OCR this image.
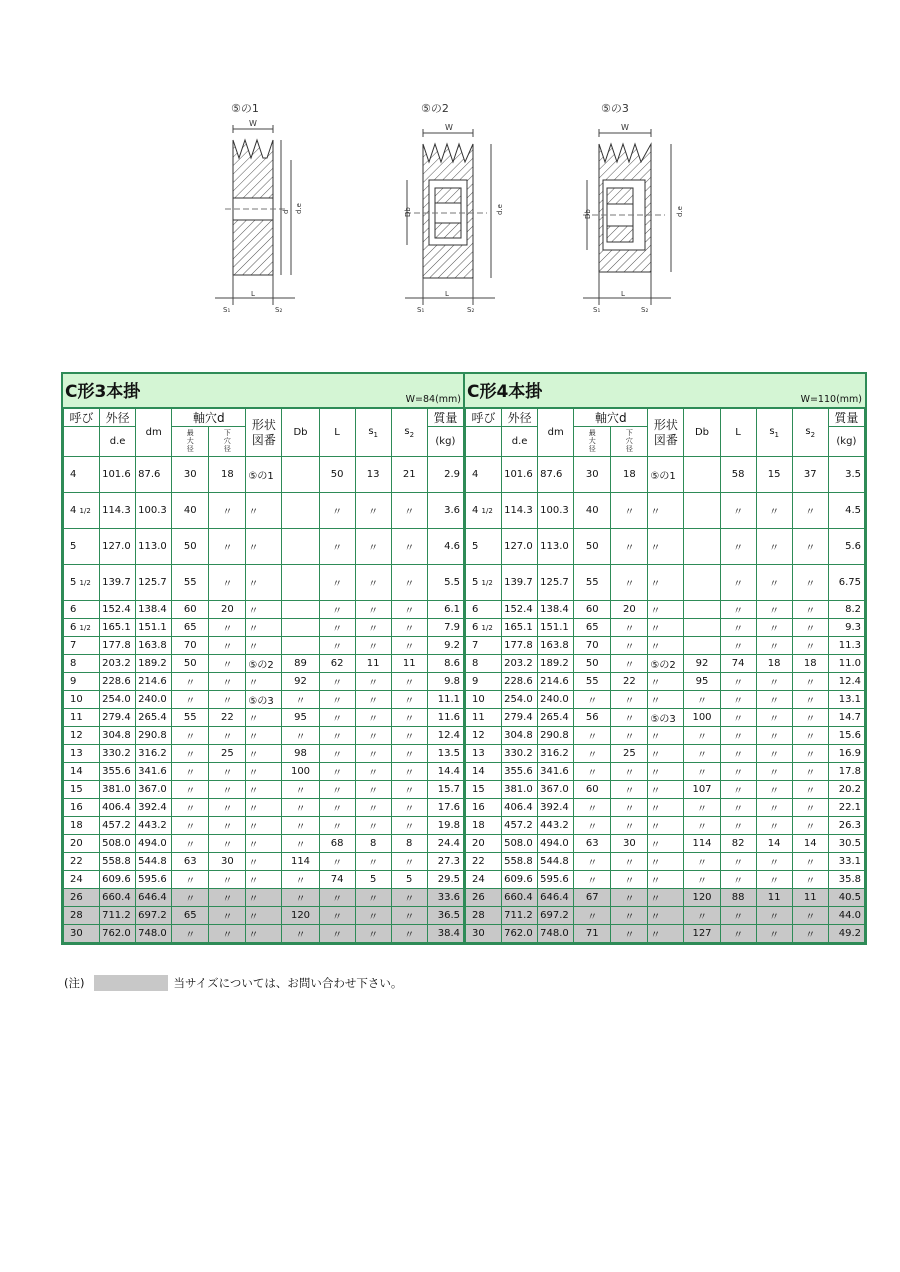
⑤の1
W
d d.e
S₁
L
S₂
⑤の2
W
Db	d.e
S₁
L
S₂
⑤の3
W
Db	d.e
S₁
L
S₂
C形3本掛	W=84(mm)
呼び	外径	dm	軸穴d		形状図番	Db	L	$s_1$	$s_2$	質量
	d.e		最大径	下穴径						(kg)
4	101.6	87.6	30	18	⑤の1		50	13	21	2.9
4 1/2	114.3	100.3	40	〃	〃		〃	〃	〃	3.6
5	127.0	113.0	50	〃	〃		〃	〃	〃	4.6
5 1/2	139.7	125.7	55	〃	〃		〃	〃	〃	5.5
6	152.4	138.4	60	20	〃		〃	〃	〃	6.1
6 1/2	165.1	151.1	65	〃	〃		〃	〃	〃	7.9
7	177.8	163.8	70	〃	〃		〃	〃	〃	9.2
8	203.2	189.2	50	〃	⑤の2	89	62	11	11	8.6
9	228.6	214.6	〃	〃	〃	92	〃	〃	〃	9.8
10	254.0	240.0	〃	〃	⑤の3	〃	〃	〃	〃	11.1
11	279.4	265.4	55	22	〃	95	〃	〃	〃	11.6
12	304.8	290.8	〃	〃	〃	〃	〃	〃	〃	12.4
13	330.2	316.2	〃	25	〃	98	〃	〃	〃	13.5
14	355.6	341.6	〃	〃	〃	100	〃	〃	〃	14.4
15	381.0	367.0	〃	〃	〃	〃	〃	〃	〃	15.7
16	406.4	392.4	〃	〃	〃	〃	〃	〃	〃	17.6
18	457.2	443.2	〃	〃	〃	〃	〃	〃	〃	19.8
20	508.0	494.0	〃	〃	〃	〃	68	8	8	24.4
22	558.8	544.8	63	30	〃	114	〃	〃	〃	27.3
24	609.6	595.6	〃	〃	〃	〃	74	5	5	29.5
26	660.4	646.4	〃	〃	〃	〃	〃	〃	〃	33.6
28	711.2	697.2	65	〃	〃	120	〃	〃	〃	36.5
30	762.0	748.0	〃	〃	〃	〃	〃	〃	〃	38.4
C形4本掛	W=110(mm)
呼び	外径	dm	軸穴d		形状図番	Db	L	$s_1$	$s_2$	質量
	d.e		最大径	下穴径						(kg)
4	101.6	87.6	30	18	⑤の1		58	15	37	3.5
4 1/2	114.3	100.3	40	〃	〃		〃	〃	〃	4.5
5	127.0	113.0	50	〃	〃		〃	〃	〃	5.6
5 1/2	139.7	125.7	55	〃	〃		〃	〃	〃	6.75
6	152.4	138.4	60	20	〃		〃	〃	〃	8.2
6 1/2	165.1	151.1	65	〃	〃		〃	〃	〃	9.3
7	177.8	163.8	70	〃	〃		〃	〃	〃	11.3
8	203.2	189.2	50	〃	⑤の2	92	74	18	18	11.0
9	228.6	214.6	55	22	〃	95	〃	〃	〃	12.4
10	254.0	240.0	〃	〃	〃	〃	〃	〃	〃	13.1
11	279.4	265.4	56	〃	⑤の3	100	〃	〃	〃	14.7
12	304.8	290.8	〃	〃	〃	〃	〃	〃	〃	15.6
13	330.2	316.2	〃	25	〃	〃	〃	〃	〃	16.9
14	355.6	341.6	〃	〃	〃	〃	〃	〃	〃	17.8
15	381.0	367.0	60	〃	〃	107	〃	〃	〃	20.2
16	406.4	392.4	〃	〃	〃	〃	〃	〃	〃	22.1
18	457.2	443.2	〃	〃	〃	〃	〃	〃	〃	26.3
20	508.0	494.0	63	30	〃	114	82	14	14	30.5
22	558.8	544.8	〃	〃	〃	〃	〃	〃	〃	33.1
24	609.6	595.6	〃	〃	〃	〃	〃	〃	〃	35.8
26	660.4	646.4	67	〃	〃	120	88	11	11	40.5
28	711.2	697.2	〃	〃	〃	〃	〃	〃	〃	44.0
30	762.0	748.0	71	〃	〃	127	〃	〃	〃	49.2
(注)	当サイズについては、お問い合わせ下さい。
